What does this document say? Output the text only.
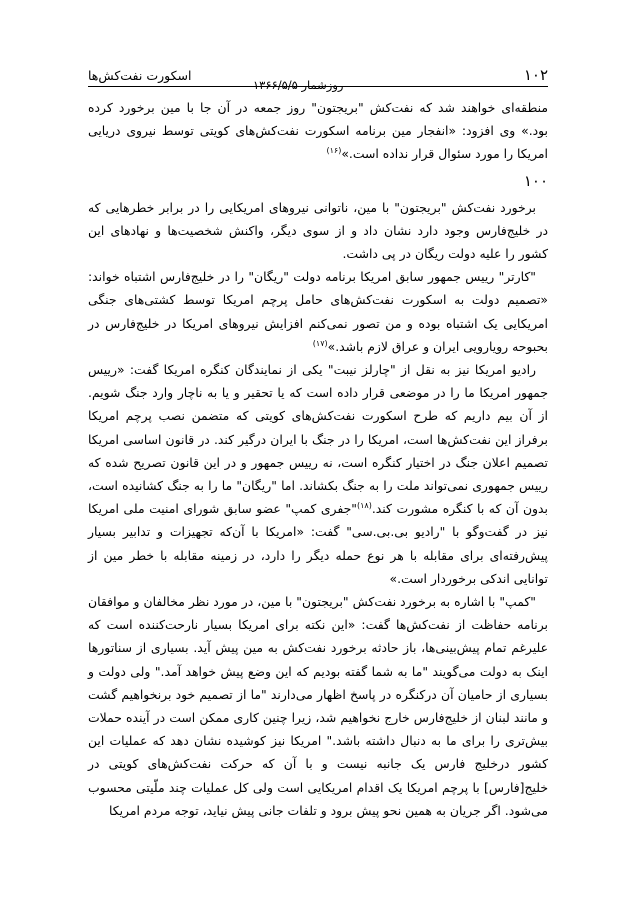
۱۰۲
روزشمار ۱۳۶۶/۵/۵
اسکورت نفت‌کش‌ها

منطقه‌ای خواهند شد که نفت‌کش "بریجتون" روز جمعه در آن جا با مین برخورد کرده بود.» وی افزود: «انفجار مین برنامه اسکورت نفت‌کش‌های کویتی توسط نیروی دریایی امریکا را مورد سئوال قرار نداده است.»$^{(۱۶)}$

۱۰۰

برخورد نفت‌کش "بریجتون" با مین، ناتوانی نیروهای امریکایی را در برابر خطرهایی که در خلیج‌فارس وجود دارد نشان داد و از سوی دیگر، واکنش شخصیت‌ها و نهادهای این کشور را علیه دولت ریگان در پی داشت.

"کارتر" رییس جمهور سابق امریکا برنامه دولت "ریگان" را در خلیج‌فارس اشتباه خواند: «تصمیم دولت به اسکورت نفت‌کش‌های حامل پرچم امریکا توسط کشتی‌های جنگی امریکایی یک اشتباه بوده و من تصور نمی‌کنم افزایش نیروهای امریکا در خلیج‌فارس در بحبوحه رویارویی ایران و عراق لازم باشد.»$^{(۱۷)}$

رادیو امریکا نیز به نقل از "چارلز نیبت" یکی از نمایندگان کنگره امریکا گفت: «رییس جمهور امریکا ما را در موضعی قرار داده است که یا تحقیر و یا به ناچار وارد جنگ شویم. از آن بیم داریم که طرح اسکورت نفت‌کش‌های کویتی که متضمن نصب پرچم امریکا برفراز این نفت‌کش‌ها است، امریکا را در جنگ با ایران درگیر کند. در قانون اساسی امریکا تصمیم اعلان جنگ در اختیار کنگره است، نه رییس جمهور و در این قانون تصریح شده که رییس جمهوری نمی‌تواند ملت را به جنگ بکشاند. اما "ریگان" ما را به جنگ کشانیده است، بدون آن که با کنگره مشورت کند.$^{(۱۸)}$"جفری کمپ" عضو سابق شورای امنیت ملی امریکا نیز در گفت‌وگو با "رادیو بی.بی.سی" گفت: «امریکا با آن‌که تجهیزات و تدابیر بسیار پیش‌رفته‌ای برای مقابله با هر نوع حمله دیگر را دارد، در زمینه مقابله با خطر مین از توانایی اندکی برخوردار است.»

"کمپ" با اشاره به برخورد نفت‌کش "بریجتون" با مین، در مورد نظر مخالفان و موافقان برنامه حفاظت از نفت‌کش‌ها گفت: «این نکته برای امریکا بسیار نارحت‌کننده است که علیرغم تمام پیش‌بینی‌ها، باز حادثه برخورد نفت‌کش به مین پیش آید. بسیاری از سناتورها اینک به دولت می‌گویند "ما به شما گفته بودیم که این وضع پیش خواهد آمد." ولی دولت و بسیاری از حامیان آن درکنگره در پاسخ اظهار می‌دارند "ما از تصمیم خود برنخواهیم گشت و مانند لبنان از خلیج‌فارس خارج نخواهیم شد، زیرا چنین کاری ممکن است در آینده حملات بیش‌تری را برای ما به دنبال داشته باشد." امریکا نیز کوشیده نشان دهد که عملیات این کشور درخلیج فارس یک جانبه نیست و با آن که حرکت نفت‌کش‌های کویتی در خلیج[فارس] با پرچم امریکا یک اقدام امریکایی است ولی کل عملیات چند ملّیتی محسوب می‌شود. اگر جریان به همین نحو پیش برود و تلفات جانی پیش نیاید، توجه مردم امریکا
